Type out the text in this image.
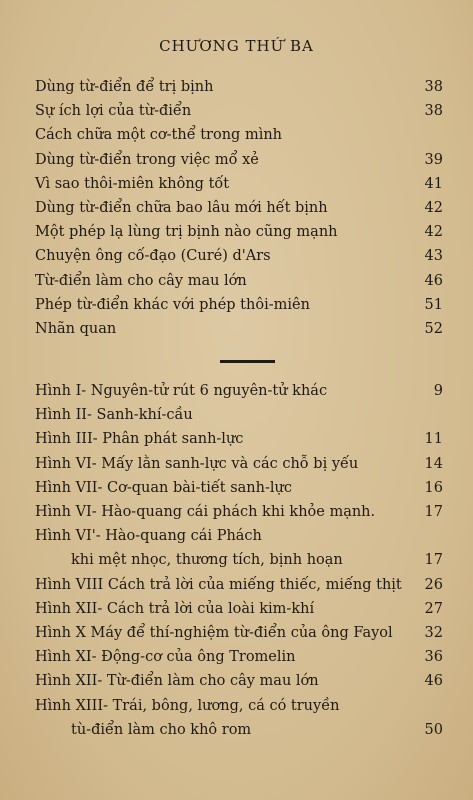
CHƯƠNG THỨ BA
Dùng từ-điển để trị bịnh	38
Sự ích lợi của từ-điển	38
Cách chữa một cơ-thể trong mình
Dùng từ-điển trong việc mổ xẻ	39
Vì sao thôi-miên không tốt	41
Dùng từ-điển chữa bao lâu mới hết bịnh	42
Một phép lạ lùng trị bịnh nào cũng mạnh	42
Chuyện ông cố-đạo (Curé) d'Ars	43
Từ-điển làm cho cây mau lớn	46
Phép từ-điển khác với phép thôi-miên	51
Nhãn quan	52
Hình I- Nguyên-tử rút 6 nguyên-tử khác	9
Hình II- Sanh-khí-cầu
Hình III- Phân phát sanh-lực	11
Hình VI- Mấy lằn sanh-lực và các chỗ bị yếu	14
Hình VII- Cơ-quan bài-tiết sanh-lực	16
Hình VI- Hào-quang cái phách khi khỏe mạnh.	17
Hình VI'- Hào-quang cái Phách
khi mệt nhọc, thương tích, bịnh hoạn	17
Hình VIII Cách trả lời của miếng thiếc, miếng thịt 26
Hình XII- Cách trả lời của loài kim-khí	27
Hình X Máy để thí-nghiệm từ-điển của ông Fayol 32
Hình XI- Động-cơ của ông Tromelin	36
Hình XII- Từ-điển làm cho cây mau lớn	46
Hình XIII- Trái, bông, lương, cá có truyền
tù-điển làm cho khô rom	50
